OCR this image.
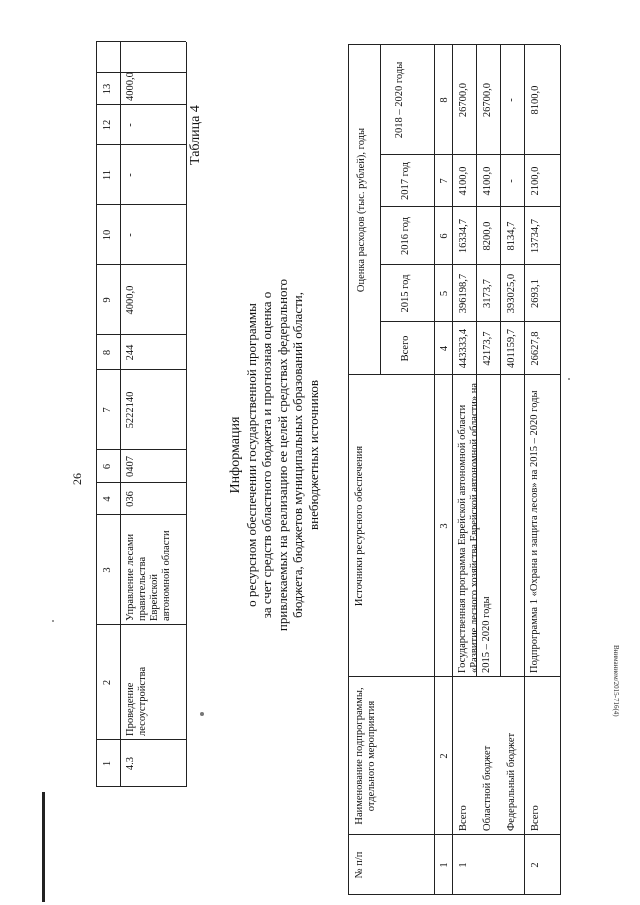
26
1
2
3
4
6
7
8
9
10
11
12
13
4.3
Проведение лесоустройства
Управление лесами правительства Еврейской автономной области
036
0407
5222140
244
4000,0
-
-
-
4000,0
Таблица 4
Информация о ресурсном обеспечении государственной программы за счет средств областного бюджета и прогнозная оценка о привлекаемых на реализацию ее целей средствах федерального бюджета, бюджетов муниципальных образований области, внебюджетных источников
№ п/п
Наименование подпрограммы, отдельного мероприятия
Источники ресурсного обеспечения
Оценка расходов (тыс. рублей), годы
Всего
2015 год
2016 год
2017 год
2018 – 2020 годы
1
2
3
4
5
6
7
8
1
Государственная программа Еврейской автономной области «Развитие лесного хозяйства Еврейской автономной области» на 2015 – 2020 годы
Всего
443333,4
396198,7
16334,7
4100,0
26700,0
Областной бюджет
42173,7
3173,7
8200,0
4100,0
26700,0
Федеральный бюджет
401159,7
393025,0
8134,7
-
-
2
Подпрограмма 1 «Охрана и защита лесов» на 2015 – 2020 годы
Всего
26627,8
2693,1
13734,7
2100,0
8100,0
Вниманием/2015-716(4)
